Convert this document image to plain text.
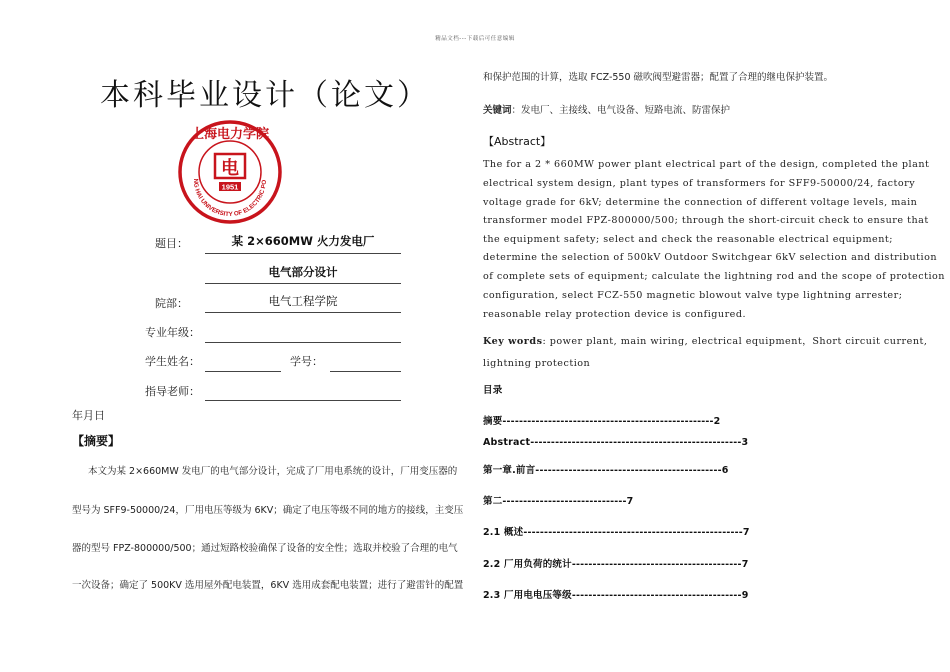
精品文档---下载后可任意编辑
本科毕业设计（论文）
NG HAI UNIVERSITY OF ELECTRIC PO
上海电力学院
电
1951
题目：	某 2×660MW 火力发电厂
电气部分设计
院部：	电气工程学院
专业年级：
学生姓名：	学号：
指导老师：
年月日
【摘要】
本文为某 2×660MW 发电厂的电气部分设计，完成了厂用电系统的设计，厂用变压器的
型号为 SFF9-50000/24，厂用电压等级为 6KV；确定了电压等级不同的地方的接线，主变压
器的型号 FPZ-800000/500；通过短路校验确保了设备的安全性；选取并校验了合理的电气
一次设备；确定了 500KV 选用屋外配电装置，6KV 选用成套配电装置；进行了避雷针的配置
和保护范围的计算，选取 FCZ-550 磁吹阀型避雷器；配置了合理的继电保护装置。
关键词：发电厂、主接线、电气设备、短路电流、防雷保护
【Abstract】
The for a 2 * 660MW power plant electrical part of the design, completed the plant
electrical system design, plant types of transformers for SFF9-50000/24, factory
voltage grade for 6kV; determine the connection of different voltage levels, main
transformer model FPZ-800000/500; through the short-circuit check to ensure that
the equipment safety; select and check the reasonable electrical equipment;
determine the selection of 500kV Outdoor Switchgear 6kV selection and distribution
of complete sets of equipment; calculate the lightning rod and the scope of protection
configuration, select FCZ-550 magnetic blowout valve type lightning arrester;
reasonable relay protection device is configured.
Key words: power plant, main wiring, electrical equipment，Short circuit current,
lightning protection
目录
摘要---------------------------------------------------2
Abstract---------------------------------------------------3
第一章.前言---------------------------------------------6
第二------------------------------7
2.1 概述-----------------------------------------------------7
2.2 厂用负荷的统计-----------------------------------------7
2.3 厂用电电压等级-----------------------------------------9
